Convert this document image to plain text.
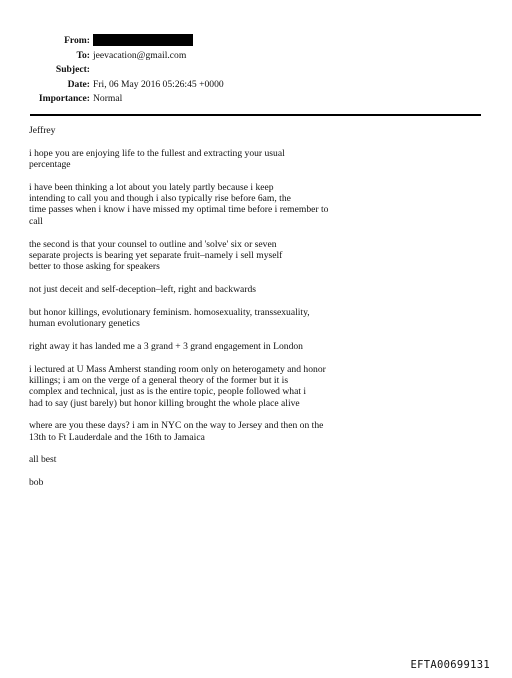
From:
To: jeevacation@gmail.com
Subject:
Date: Fri, 06 May 2016 05:26:45 +0000
Importance: Normal

Jeffrey

i hope you are enjoying life to the fullest and extracting your usual
percentage

i have been thinking a lot about you lately partly because i keep
intending to call you and though i also typically rise before 6am, the
time passes when i know i have missed my optimal time before i remember to
call

the second is that your counsel to outline and 'solve' six or seven
separate projects is bearing yet separate fruit–namely i sell myself
better to those asking for speakers

not just deceit and self-deception–left, right and backwards

but honor killings, evolutionary feminism. homosexuality, transsexuality,
human evolutionary genetics

right away it has landed me a 3 grand + 3 grand engagement in London

i lectured at U Mass Amherst standing room only on heterogamety and honor
killings; i am on the verge of a general theory of the former but it is
complex and technical, just as is the entire topic, people followed what i
had to say (just barely) but honor killing brought the whole place alive

where are you these days? i am in NYC on the way to Jersey and then on the
13th to Ft Lauderdale and the 16th to Jamaica

all best

bob

EFTA00699131
